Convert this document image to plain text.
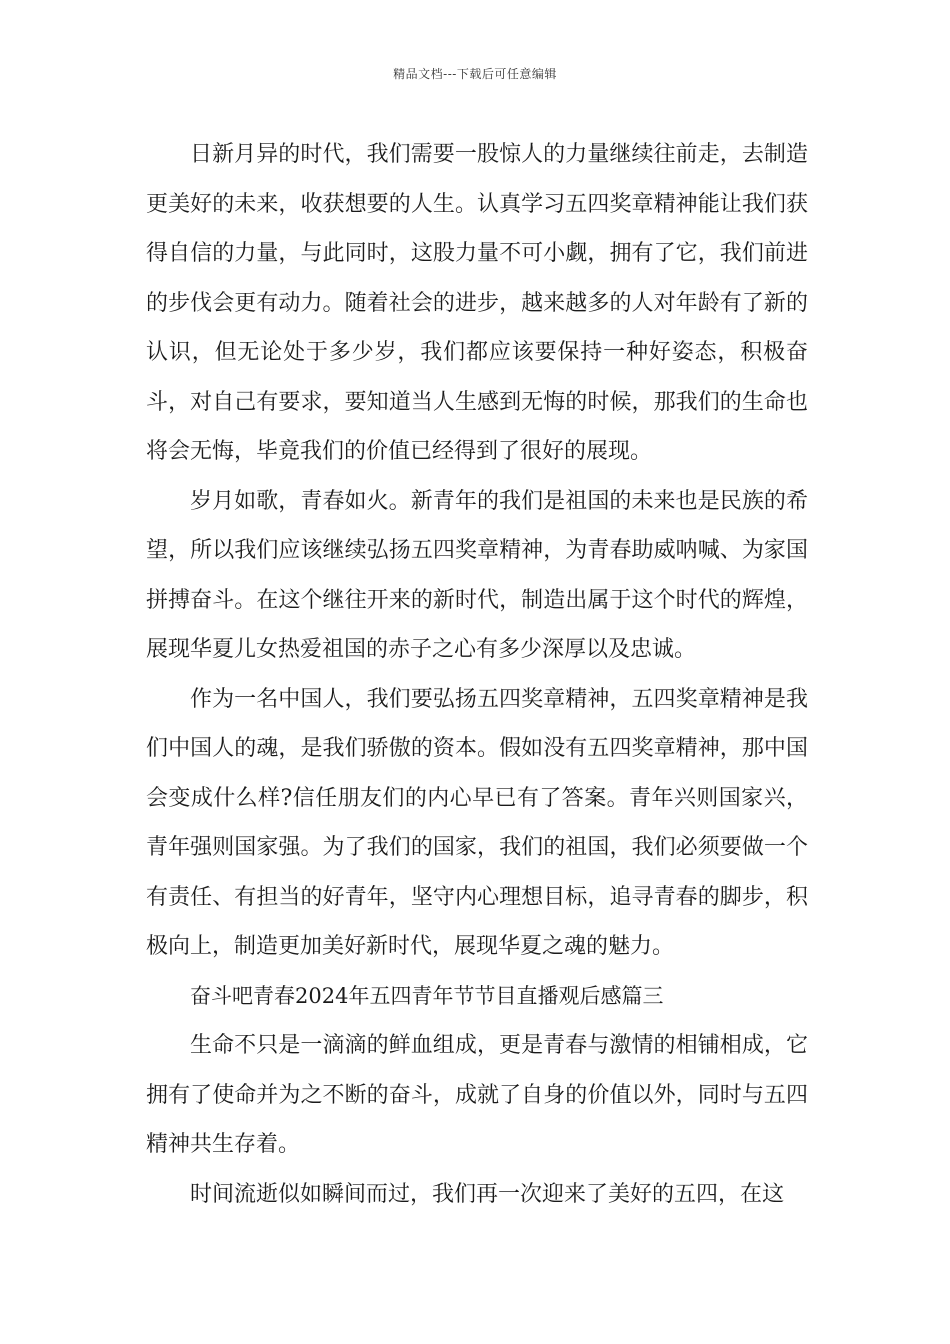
精品文档---下载后可任意编辑

日新月异的时代，我们需要一股惊人的力量继续往前走，去制造更美好的未来，收获想要的人生。认真学习五四奖章精神能让我们获得自信的力量，与此同时，这股力量不可小觑，拥有了它，我们前进的步伐会更有动力。随着社会的进步，越来越多的人对年龄有了新的认识，但无论处于多少岁，我们都应该要保持一种好姿态，积极奋斗，对自己有要求，要知道当人生感到无悔的时候，那我们的生命也将会无悔，毕竟我们的价值已经得到了很好的展现。

岁月如歌，青春如火。新青年的我们是祖国的未来也是民族的希望，所以我们应该继续弘扬五四奖章精神，为青春助威呐喊、为家国拼搏奋斗。在这个继往开来的新时代，制造出属于这个时代的辉煌，展现华夏儿女热爱祖国的赤子之心有多少深厚以及忠诚。

作为一名中国人，我们要弘扬五四奖章精神，五四奖章精神是我们中国人的魂，是我们骄傲的资本。假如没有五四奖章精神，那中国会变成什么样?信任朋友们的内心早已有了答案。青年兴则国家兴，青年强则国家强。为了我们的国家，我们的祖国，我们必须要做一个有责任、有担当的好青年，坚守内心理想目标，追寻青春的脚步，积极向上，制造更加美好新时代，展现华夏之魂的魅力。

奋斗吧青春2024年五四青年节节目直播观后感篇三

生命不只是一滴滴的鲜血组成，更是青春与激情的相铺相成，它拥有了使命并为之不断的奋斗，成就了自身的价值以外，同时与五四精神共生存着。

时间流逝似如瞬间而过，我们再一次迎来了美好的五四，在这
